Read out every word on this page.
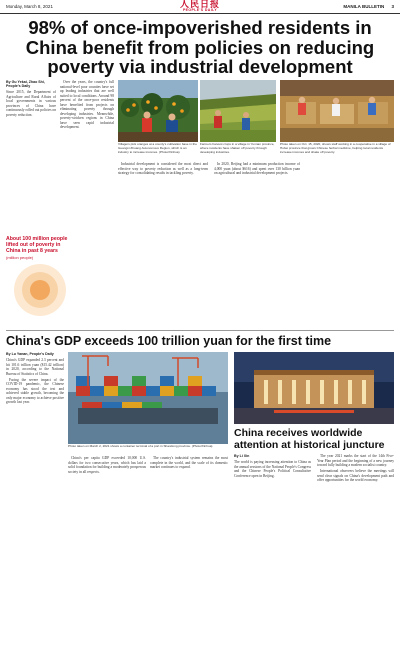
Monday, March 8, 2021	人民日报
PEOPLE'S DAILY
MANILA BULLETIN 3
98% of once-impoverished residents in China benefit from policies on reducing poverty via industrial development
By Gu Yekai, Zhao Shi, People's Daily

Since 2015, the Department of Agriculture and Rural Affairs of local governments in various provinces of China have continuously rolled out policies on poverty reduction.

Over the years, the country's full national-level poor counties have set up leading industries that are well suited to local conditions. Around 98 percent of the once-poor residents have benefited from projects on eliminating poverty through developing industries. Meanwhile, poverty-stricken regions in China have seen rapid industrial development.

Villagers pick oranges at a county's cultivation base in the Guangxi Zhuang Autonomous Region, which is an industry to increase incomes. (Photo/Xinhua)
Farmers harvest crops in a village in Yunnan province, where residents have shaken off poverty through developing industries.
Photo taken on Oct. 15, 2020, shows staff working in a cooperative in a village of Hubei province that grows Chinese herbal medicine, helping local residents increase incomes and shake off poverty.

Industrial development is considered the most direct and effective way to poverty reduction as well as a long-term strategy for consolidating results in tackling poverty.

In 2020, Beijing had a minimum production income of 4,000 yuan (about $616) and spent over 130 billion yuan on agricultural and industrial development projects.

About 100 million people lifted out of poverty in China in past 8 years
(million people)
China's GDP exceeds 100 trillion yuan for the first time
By Lu Yanan, People's Daily

China's GDP expanded 2.3 percent and hit 101.6 trillion yuan ($15.42 trillion) in 2020, according to the National Bureau of Statistics of China.

Facing the severe impact of the COVID-19 pandemic, the Chinese economy has stood the test and achieved stable growth, becoming the only major economy to achieve positive growth last year.

Photo taken on March 2, 2021 shows a container terminal of a port in Shandong province. (Photo/Xinhua)

China's per capita GDP exceeded 10,000 U.S. dollars for two consecutive years, which has laid a solid foundation for building a moderately prosperous society in all respects.

The country's industrial system remains the most complete in the world, and the scale of its domestic market continues to expand.

China receives worldwide attention at historical juncture
By Li Xin

The world is paying increasing attention to China as the annual sessions of the National People's Congress and the Chinese People's Political Consultative Conference open in Beijing.

The year 2021 marks the start of the 14th Five-Year Plan period and the beginning of a new journey toward fully building a modern socialist country.

International observers believe the meetings will send clear signals on China's development path and offer opportunities for the world economy.
